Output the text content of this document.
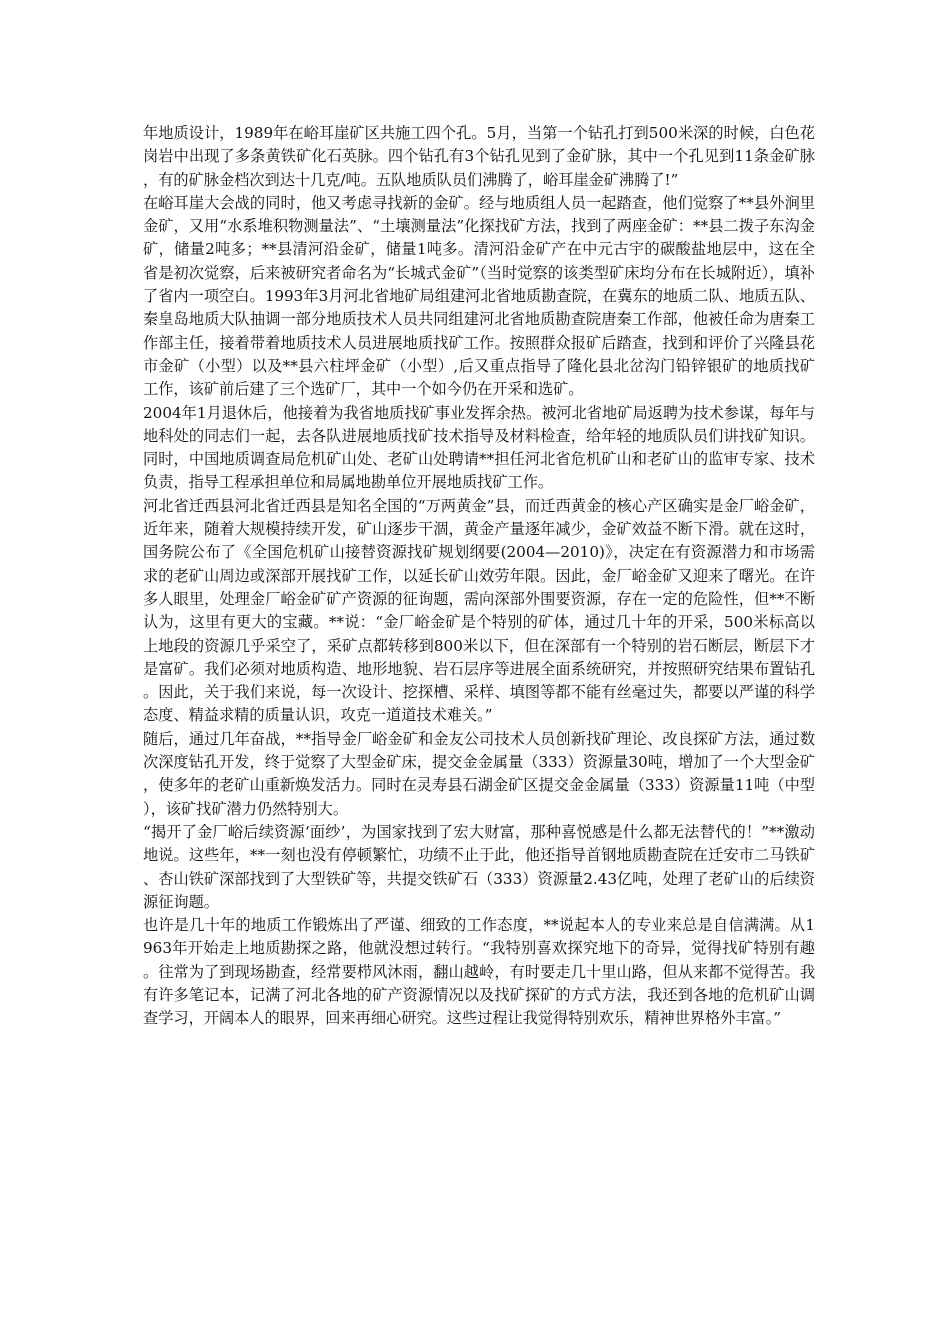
年地质设计，1989年在峪耳崖矿区共施工四个孔。5月，当第一个钻孔打到500米深的时候，白色花岗岩中出现了多条黄铁矿化石英脉。四个钻孔有3个钻孔见到了金矿脉，其中一个孔见到11条金矿脉，有的矿脉金档次到达十几克/吨。五队地质队员们沸腾了，峪耳崖金矿沸腾了!”

在峪耳崖大会战的同时，他又考虑寻找新的金矿。经与地质组人员一起踏查，他们觉察了**县外涧里金矿，又用“水系堆积物测量法”、“土壤测量法”化探找矿方法，找到了两座金矿：**县二拨子东沟金矿，储量2吨多；**县清河沿金矿，储量1吨多。清河沿金矿产在中元古宇的碳酸盐地层中，这在全省是初次觉察，后来被研究者命名为“长城式金矿”（当时觉察的该类型矿床均分布在长城附近），填补了省内一项空白。1993年3月河北省地矿局组建河北省地质勘查院，在冀东的地质二队、地质五队、秦皇岛地质大队抽调一部分地质技术人员共同组建河北省地质勘查院唐秦工作部，他被任命为唐秦工作部主任，接着带着地质技术人员进展地质找矿工作。按照群众报矿后踏查，找到和评价了兴隆县花市金矿（小型）以及**县六柱坪金矿（小型）,后又重点指导了隆化县北岔沟门铅锌银矿的地质找矿工作，该矿前后建了三个选矿厂，其中一个如今仍在开采和选矿。

2004年1月退休后，他接着为我省地质找矿事业发挥余热。被河北省地矿局返聘为技术参谋，每年与地科处的同志们一起，去各队进展地质找矿技术指导及材料检查，给年轻的地质队员们讲找矿知识。同时，中国地质调查局危机矿山处、老矿山处聘请**担任河北省危机矿山和老矿山的监审专家、技术负责，指导工程承担单位和局属地勘单位开展地质找矿工作。

河北省迁西县河北省迁西县是知名全国的“万两黄金”县，而迁西黄金的核心产区确实是金厂峪金矿，近年来，随着大规模持续开发，矿山逐步干涸，黄金产量逐年减少，金矿效益不断下滑。就在这时，国务院公布了《全国危机矿山接替资源找矿规划纲要(2004—2010)》，决定在有资源潜力和市场需求的老矿山周边或深部开展找矿工作，以延长矿山效劳年限。因此，金厂峪金矿又迎来了曙光。在许多人眼里，处理金厂峪金矿矿产资源的征询题，需向深部外围要资源，存在一定的危险性，但**不断认为，这里有更大的宝藏。**说：“金厂峪金矿是个特别的矿体，通过几十年的开采，500米标高以上地段的资源几乎采空了，采矿点都转移到800米以下，但在深部有一个特别的岩石断层，断层下才是富矿。我们必须对地质构造、地形地貌、岩石层序等进展全面系统研究，并按照研究结果布置钻孔。因此，关于我们来说，每一次设计、挖探槽、采样、填图等都不能有丝毫过失，都要以严谨的科学态度、精益求精的质量认识，攻克一道道技术难关。”

随后，通过几年奋战，**指导金厂峪金矿和金友公司技术人员创新找矿理论、改良探矿方法，通过数次深度钻孔开发，终于觉察了大型金矿床，提交金金属量（333）资源量30吨，增加了一个大型金矿，使多年的老矿山重新焕发活力。同时在灵寿县石湖金矿区提交金金属量（333）资源量11吨（中型），该矿找矿潜力仍然特别大。

“揭开了金厂峪后续资源‘面纱’，为国家找到了宏大财富，那种喜悦感是什么都无法替代的！”**激动地说。这些年，**一刻也没有停顿繁忙，功绩不止于此，他还指导首钢地质勘查院在迁安市二马铁矿、杏山铁矿深部找到了大型铁矿等，共提交铁矿石（333）资源量2.43亿吨，处理了老矿山的后续资源征询题。

也许是几十年的地质工作锻炼出了严谨、细致的工作态度，**说起本人的专业来总是自信满满。从1963年开始走上地质勘探之路，他就没想过转行。“我特别喜欢探究地下的奇异，觉得找矿特别有趣。往常为了到现场勘查，经常要栉风沐雨，翻山越岭，有时要走几十里山路，但从来都不觉得苦。我有许多笔记本，记满了河北各地的矿产资源情况以及找矿探矿的方式方法，我还到各地的危机矿山调查学习，开阔本人的眼界，回来再细心研究。这些过程让我觉得特别欢乐，精神世界格外丰富。”
